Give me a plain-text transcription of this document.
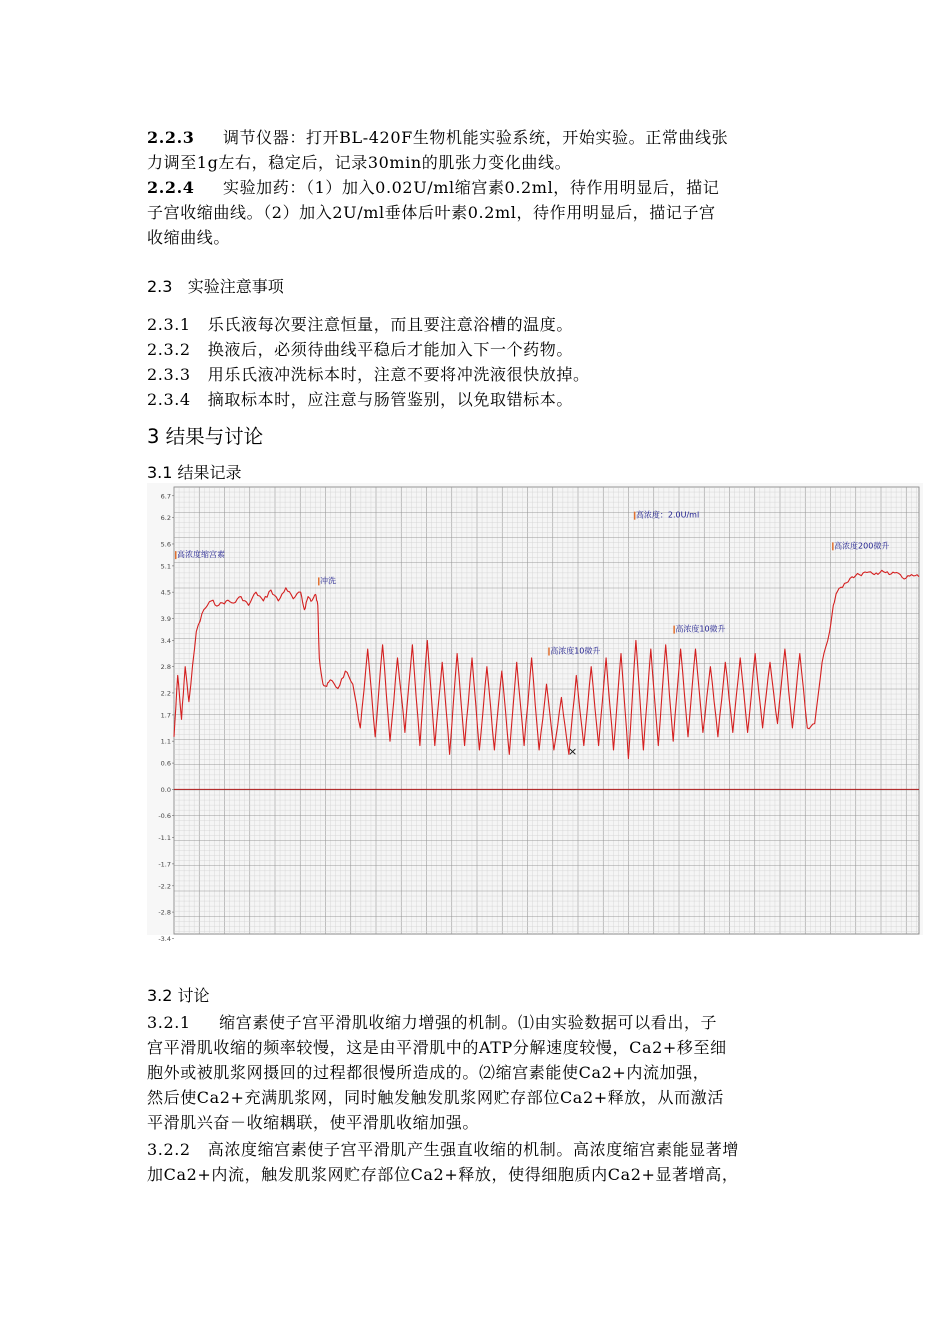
2.2.3 调节仪器：打开BL-420F生物机能实验系统，开始实验。正常曲线张
力调至1g左右，稳定后，记录30min的肌张力变化曲线。
2.2.4 实验加药：（1）加入0.02U/ml缩宫素0.2ml，待作用明显后，描记
子宫收缩曲线。（2）加入2U/ml垂体后叶素0.2ml，待作用明显后，描记子宫
收缩曲线。
2.3   实验注意事项
2.3.1   乐氏液每次要注意恒量，而且要注意浴槽的温度。
2.3.2   换液后，必须待曲线平稳后才能加入下一个药物。
2.3.3   用乐氏液冲洗标本时，注意不要将冲洗液很快放掉。
2.3.4   摘取标本时，应注意与肠管鉴别，以免取错标本。
3 结果与讨论
3.1 结果记录
6.7
6.2
5.6
5.1
4.5
3.9
3.4
2.8
2.2
1.7
1.1
0.6
0.0
-0.6
-1.1
-1.7
-2.2
-2.8
-3.4
高浓度缩宫素
冲洗
高浓度：2.0U/ml
高浓度10微升
高浓度10微升
高浓度200微升
×
3.2 讨论
3.2.1     缩宫素使子宫平滑肌收缩力增强的机制。⑴由实验数据可以看出，子
宫平滑肌收缩的频率较慢，这是由平滑肌中的ATP分解速度较慢，Ca2+移至细
胞外或被肌浆网摄回的过程都很慢所造成的。⑵缩宫素能使Ca2+内流加强，
然后使Ca2+充满肌浆网，同时触发触发肌浆网贮存部位Ca2+释放，从而激活
平滑肌兴奋－收缩耦联，使平滑肌收缩加强。
3.2.2   高浓度缩宫素使子宫平滑肌产生强直收缩的机制。高浓度缩宫素能显著增
加Ca2+内流，触发肌浆网贮存部位Ca2+释放，使得细胞质内Ca2+显著增高，
